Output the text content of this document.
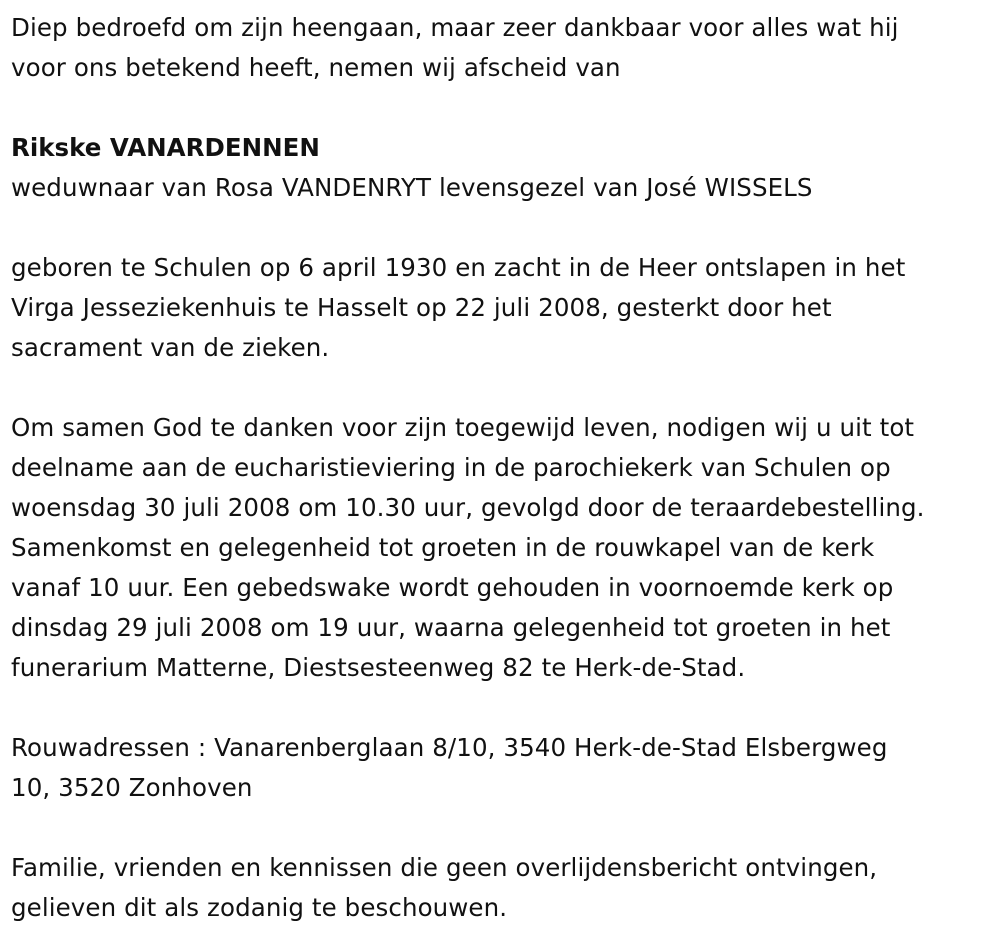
Diep bedroefd om zijn heengaan, maar zeer dankbaar voor alles wat hij
voor ons betekend heeft, nemen wij afscheid van

Rikske VANARDENNEN

weduwnaar van Rosa VANDENRYT levensgezel van José WISSELS

geboren te Schulen op 6 april 1930 en zacht in de Heer ontslapen in het
Virga Jesseziekenhuis te Hasselt op 22 juli 2008, gesterkt door het
sacrament van de zieken.

Om samen God te danken voor zijn toegewijd leven, nodigen wij u uit tot
deelname aan de eucharistieviering in de parochiekerk van Schulen op
woensdag 30 juli 2008 om 10.30 uur, gevolgd door de teraardebestelling.
Samenkomst en gelegenheid tot groeten in de rouwkapel van de kerk
vanaf 10 uur. Een gebedswake wordt gehouden in voornoemde kerk op
dinsdag 29 juli 2008 om 19 uur, waarna gelegenheid tot groeten in het
funerarium Matterne, Diestsesteenweg 82 te Herk-de-Stad.

Rouwadressen : Vanarenberglaan 8/10, 3540 Herk-de-Stad Elsbergweg
10, 3520 Zonhoven

Familie, vrienden en kennissen die geen overlijdensbericht ontvingen,
gelieven dit als zodanig te beschouwen.
